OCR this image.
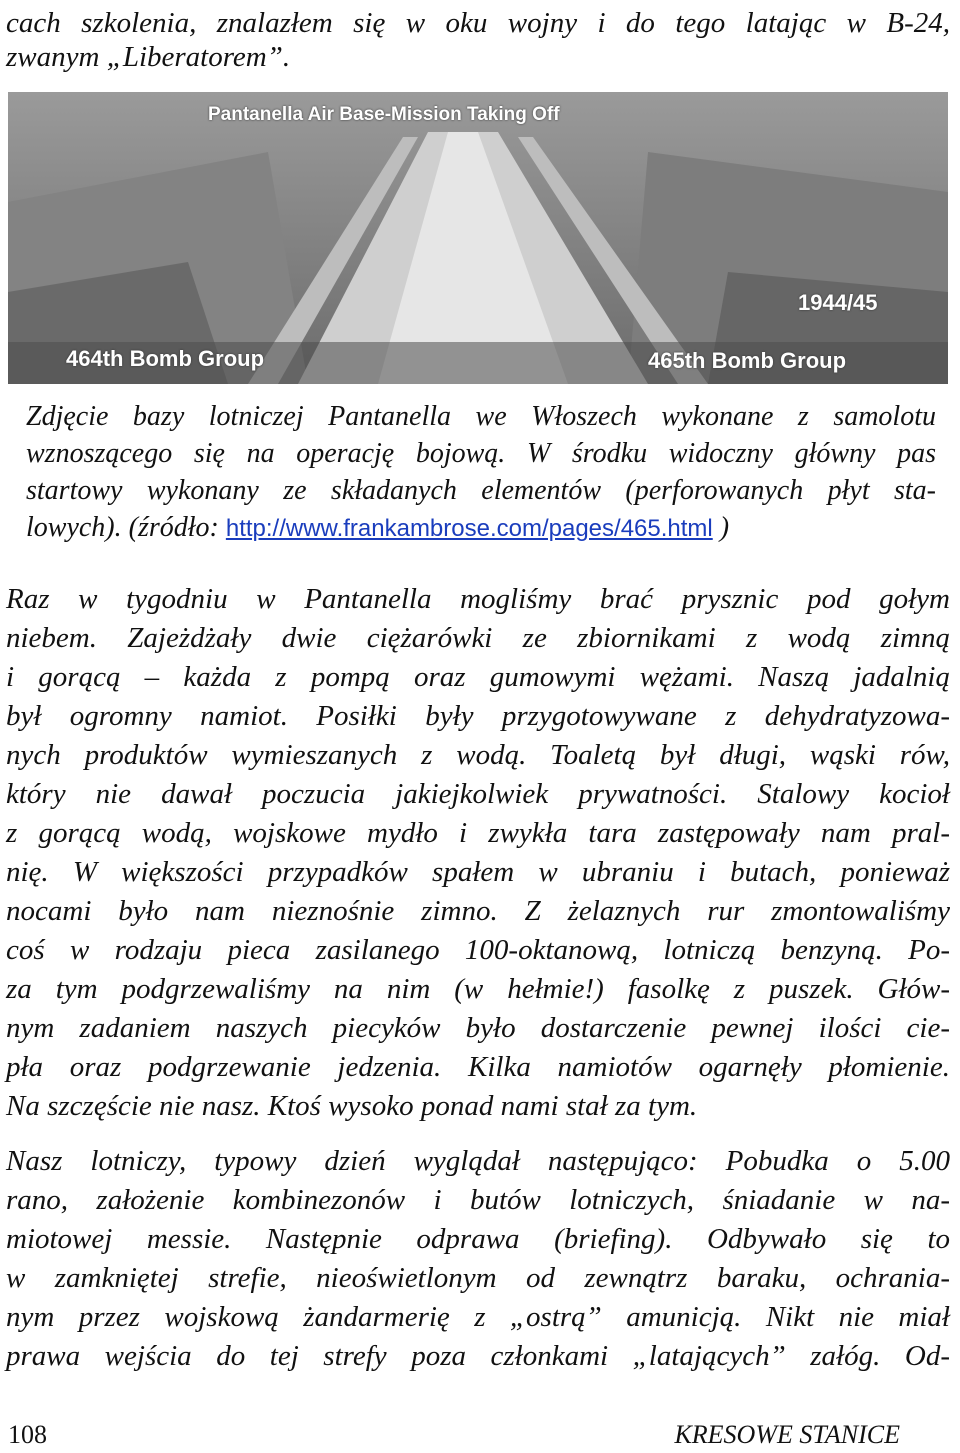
cach szkolenia, znalazłem się w oku wojny i do tego latając w B-24,
zwanym „Liberatorem”.
Pantanella Air Base-Mission Taking Off
1944/45
464th Bomb Group	465th Bomb Group
Zdjęcie bazy lotniczej Pantanella we Włoszech wykonane z samolotu
wznoszącego się na operację bojową. W środku widoczny główny pas
startowy wykonany ze składanych elementów (perforowanych płyt sta-
lowych). (źródło: http://www.frankambrose.com/pages/465.html )
Raz w tygodniu w Pantanella mogliśmy brać prysznic pod gołym
niebem. Zajeżdżały dwie ciężarówki ze zbiornikami z wodą zimną
i gorącą – każda z pompą oraz gumowymi wężami. Naszą jadalnią
był ogromny namiot. Posiłki były przygotowywane z dehydratyzowa-
nych produktów wymieszanych z wodą. Toaletą był długi, wąski rów,
który nie dawał poczucia jakiejkolwiek prywatności. Stalowy kocioł
z gorącą wodą, wojskowe mydło i zwykła tara zastępowały nam pral-
nię. W większości przypadków spałem w ubraniu i butach, ponieważ
nocami było nam nieznośnie zimno. Z żelaznych rur zmontowaliśmy
coś w rodzaju pieca zasilanego 100-oktanową, lotniczą benzyną. Po-
za tym podgrzewaliśmy na nim (w hełmie!) fasolkę z puszek. Głów-
nym zadaniem naszych piecyków było dostarczenie pewnej ilości cie-
pła oraz podgrzewanie jedzenia. Kilka namiotów ogarnęły płomienie.
Na szczęście nie nasz. Ktoś wysoko ponad nami stał za tym.
Nasz lotniczy, typowy dzień wyglądał następująco: Pobudka o 5.00
rano, założenie kombinezonów i butów lotniczych, śniadanie w na-
miotowej messie. Następnie odprawa (briefing). Odbywało się to
w zamkniętej strefie, nieoświetlonym od zewnątrz baraku, ochrania-
nym przez wojskową żandarmerię z „ostrą” amunicją. Nikt nie miał
prawa wejścia do tej strefy poza członkami „latających” załóg. Od-
108	KRESOWE STANICE
